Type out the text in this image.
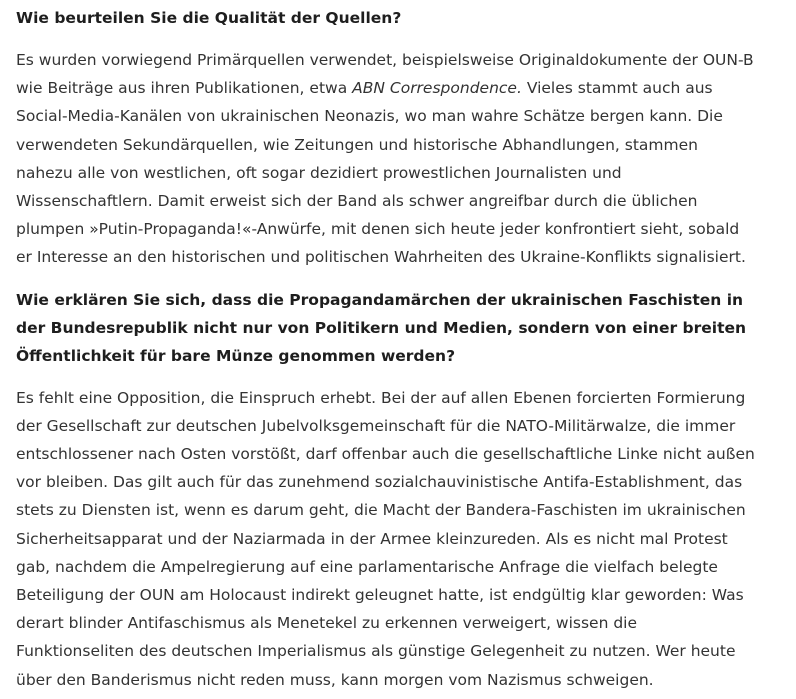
Wie beurteilen Sie die Qualität der Quellen?

Es wurden vorwiegend Primärquellen verwendet, beispielsweise Originaldokumente der OUN-B wie Beiträge aus ihren Publikationen, etwa ABN Correspondence. Vieles stammt auch aus Social-Media-Kanälen von ukrainischen Neonazis, wo man wahre Schätze bergen kann. Die verwendeten Sekundärquellen, wie Zeitungen und historische Abhandlungen, stammen nahezu alle von westlichen, oft sogar dezidiert prowestlichen Journalisten und Wissenschaftlern. Damit erweist sich der Band als schwer angreifbar durch die üblichen plumpen »Putin-Propaganda!«-Anwürfe, mit denen sich heute jeder konfrontiert sieht, sobald er Interesse an den historischen und politischen Wahrheiten des Ukraine-Konflikts signalisiert.

Wie erklären Sie sich, dass die Propagandamärchen der ukrainischen Faschisten in der Bundesrepublik nicht nur von Politikern und Medien, sondern von einer breiten Öffentlichkeit für bare Münze genommen werden?

Es fehlt eine Opposition, die Einspruch erhebt. Bei der auf allen Ebenen forcierten Formierung der Gesellschaft zur deutschen Jubelvolksgemeinschaft für die NATO-Militärwalze, die immer entschlossener nach Osten vorstößt, darf offenbar auch die gesellschaftliche Linke nicht außen vor bleiben. Das gilt auch für das zunehmend sozialchauvinistische Antifa-Establishment, das stets zu Diensten ist, wenn es darum geht, die Macht der Bandera-Faschisten im ukrainischen Sicherheitsapparat und der Naziarmada in der Armee kleinzureden. Als es nicht mal Protest gab, nachdem die Ampelregierung auf eine parlamentarische Anfrage die vielfach belegte Beteiligung der OUN am Holocaust indirekt geleugnet hatte, ist endgültig klar geworden: Was derart blinder Antifaschismus als Menetekel zu erkennen verweigert, wissen die Funktionseliten des deutschen Imperialismus als günstige Gelegenheit zu nutzen. Wer heute über den Banderismus nicht reden muss, kann morgen vom Nazismus schweigen.
